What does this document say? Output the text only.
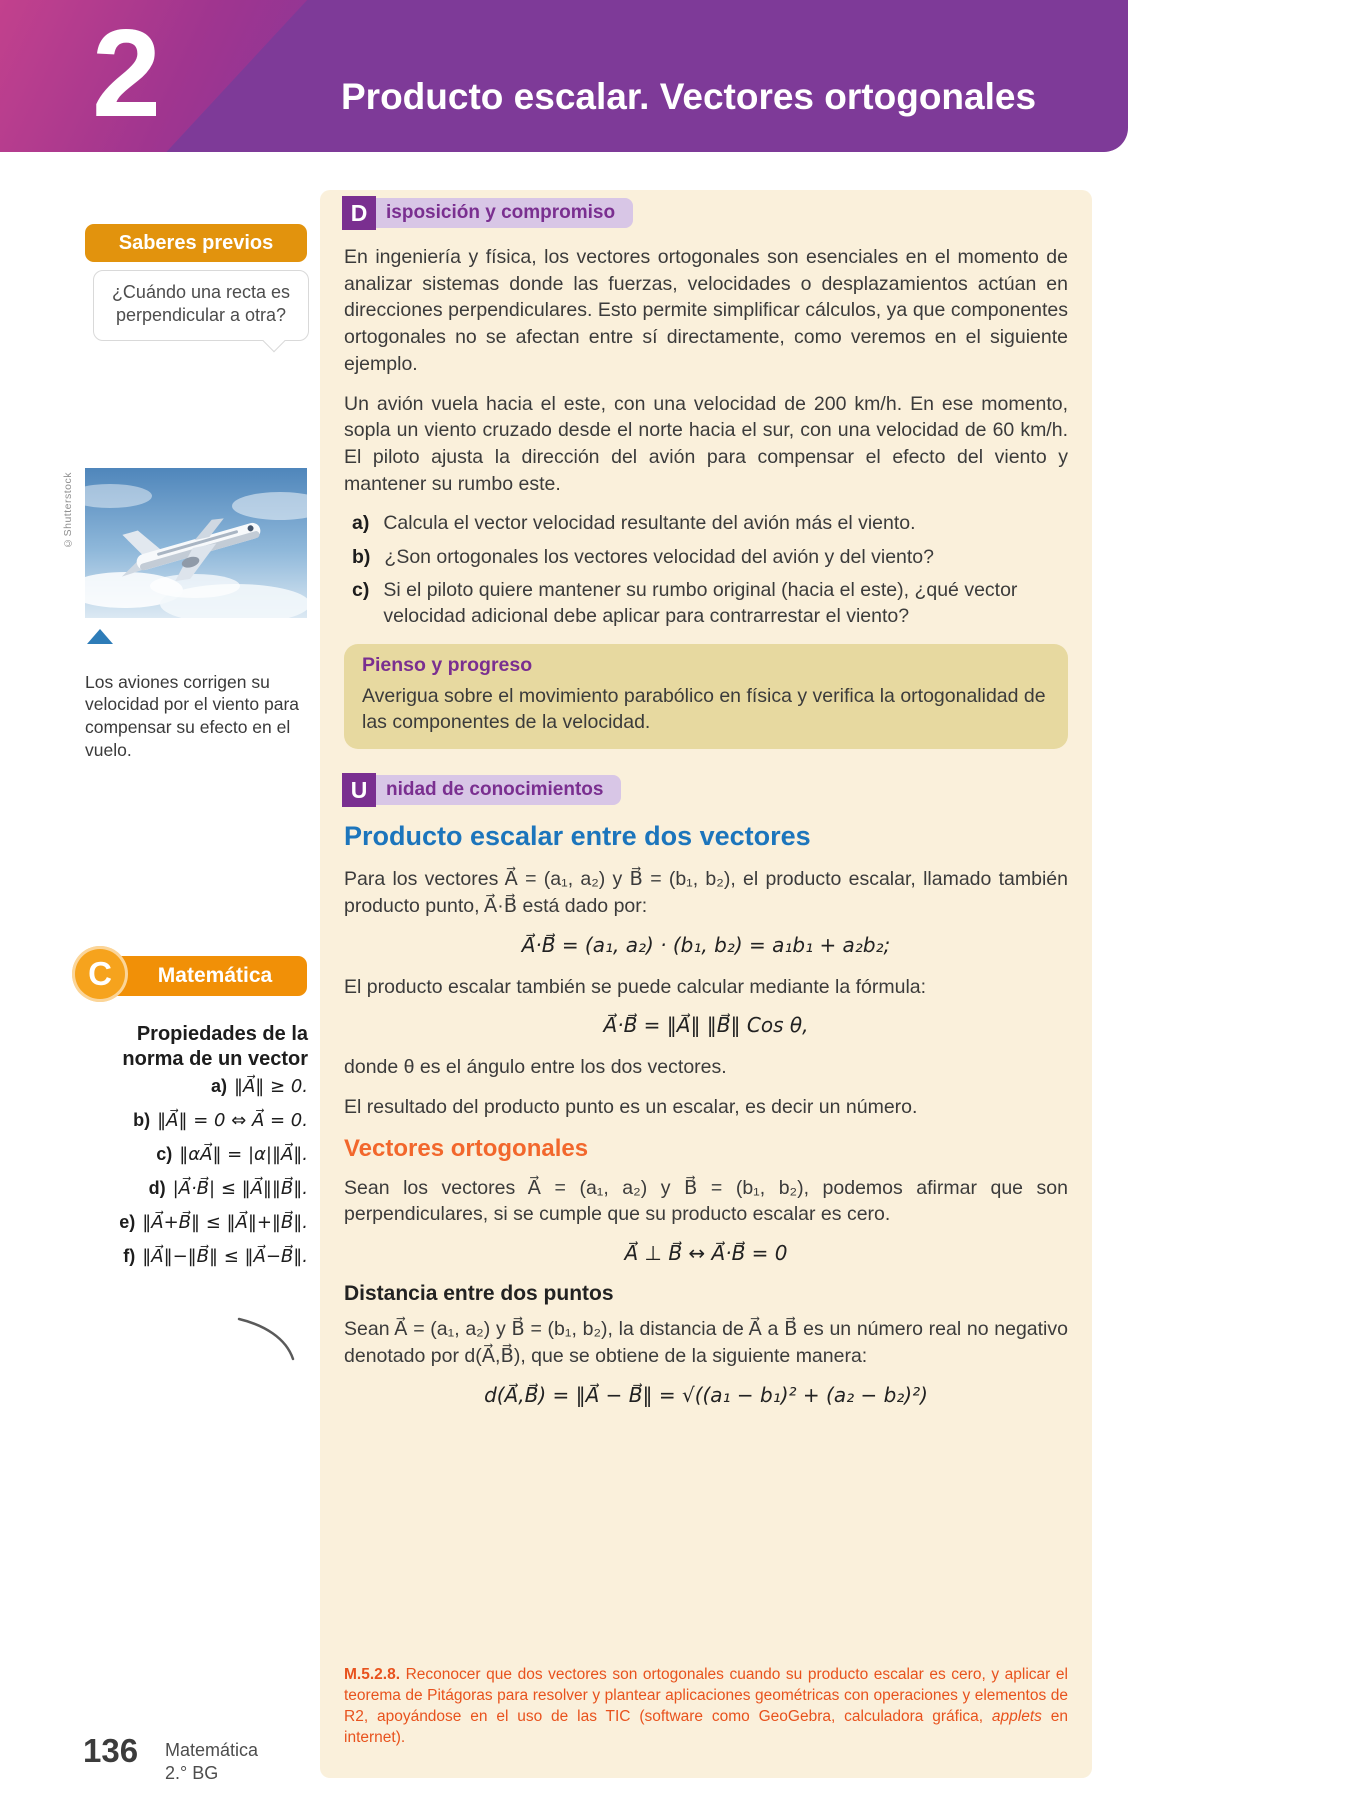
2	Producto escalar. Vectores ortogonales
Saberes previos
¿Cuándo una recta es perpendicular a otra?
©Shutterstock

Los aviones corrigen su velocidad por el viento para compensar su efecto en el vuelo.

Matemática
C
Propiedades de la norma de un vector
a) ‖A⃗‖ ≥ 0.
b) ‖A⃗‖ = 0 ⇔ A⃗ = 0.
c) ‖αA⃗‖ = |α|‖A⃗‖.
d) |A⃗·B⃗| ≤ ‖A⃗‖‖B⃗‖.
e) ‖A⃗+B⃗‖ ≤ ‖A⃗‖+‖B⃗‖.
f) ‖A⃗‖−‖B⃗‖ ≤ ‖A⃗−B⃗‖.
136 Matemática
2.° BG
D isposición y compromiso

En ingeniería y física, los vectores ortogonales son esenciales en el momento de analizar sistemas donde las fuerzas, velocidades o desplazamientos actúan en direcciones perpendiculares. Esto permite simplificar cálculos, ya que componentes ortogonales no se afectan entre sí directamente, como veremos en el siguiente ejemplo.

Un avión vuela hacia el este, con una velocidad de 200 km/h. En ese momento, sopla un viento cruzado desde el norte hacia el sur, con una velocidad de 60 km/h. El piloto ajusta la dirección del avión para compensar el efecto del viento y mantener su rumbo este.

a) Calcula el vector velocidad resultante del avión más el viento.
b) ¿Son ortogonales los vectores velocidad del avión y del viento?
c) Si el piloto quiere mantener su rumbo original (hacia el este), ¿qué vector velocidad adicional debe aplicar para contrarrestar el viento?

Pienso y progreso

Averigua sobre el movimiento parabólico en física y verifica la ortogonalidad de las componentes de la velocidad.

U nidad de conocimientos
Producto escalar entre dos vectores

Para los vectores A⃗ = (a₁, a₂) y B⃗ = (b₁, b₂), el producto escalar, llamado también producto punto, A⃗·B⃗ está dado por:

A⃗·B⃗ = (a₁, a₂) · (b₁, b₂) = a₁b₁ + a₂b₂;

El producto escalar también se puede calcular mediante la fórmula:

A⃗·B⃗ = ‖A⃗‖ ‖B⃗‖ Cos θ,

donde θ es el ángulo entre los dos vectores.

El resultado del producto punto es un escalar, es decir un número.

Vectores ortogonales

Sean los vectores A⃗ = (a₁, a₂) y B⃗ = (b₁, b₂), podemos afirmar que son perpendiculares, si se cumple que su producto escalar es cero.

A⃗ ⊥ B⃗ ↔ A⃗·B⃗ = 0
Distancia entre dos puntos

Sean A⃗ = (a₁, a₂) y B⃗ = (b₁, b₂), la distancia de A⃗ a B⃗ es un número real no negativo denotado por d(A⃗,B⃗), que se obtiene de la siguiente manera:

d(A⃗,B⃗) = ‖A⃗ − B⃗‖ = √((a₁ − b₁)² + (a₂ − b₂)²)

M.5.2.8. Reconocer que dos vectores son ortogonales cuando su producto escalar es cero, y aplicar el teorema de Pitágoras para resolver y plantear aplicaciones geométricas con operaciones y elementos de R2, apoyándose en el uso de las TIC (software como GeoGebra, calculadora gráfica, applets en internet).
